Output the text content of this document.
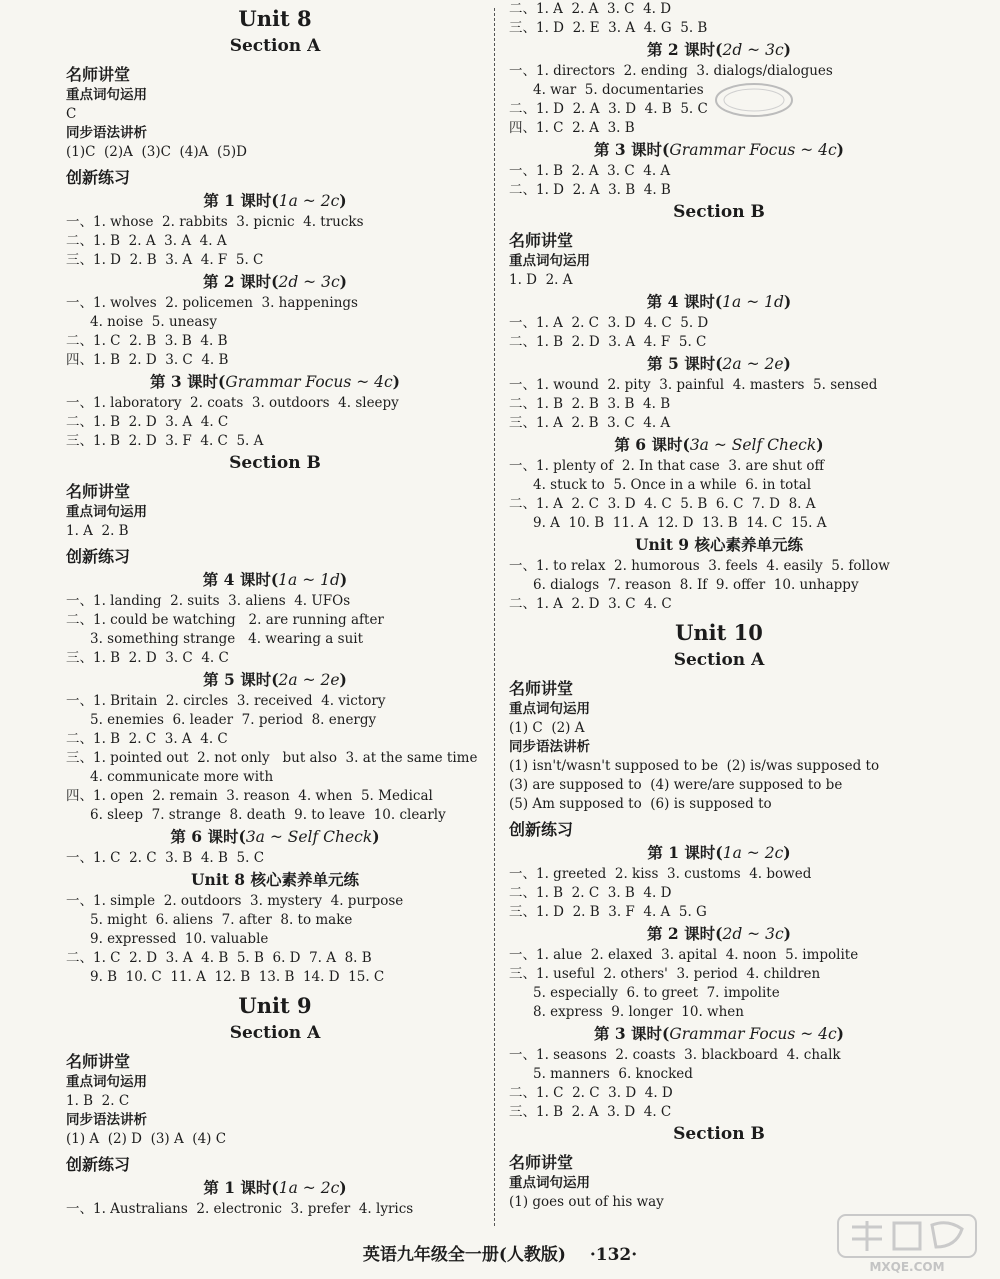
Unit 8
Section A
名师讲堂
重点词句运用
C
同步语法讲析
(1)C  (2)A  (3)C  (4)A  (5)D
创新练习
第 1 课时(1a ~ 2c)
一、1. whose  2. rabbits  3. picnic  4. trucks
二、1. B  2. A  3. A  4. A
三、1. D  2. B  3. A  4. F  5. C
第 2 课时(2d ~ 3c)
一、1. wolves  2. policemen  3. happenings
4. noise  5. uneasy
二、1. C  2. B  3. B  4. B
四、1. B  2. D  3. C  4. B
第 3 课时(Grammar Focus ~ 4c)
一、1. laboratory  2. coats  3. outdoors  4. sleepy
二、1. B  2. D  3. A  4. C
三、1. B  2. D  3. F  4. C  5. A
Section B
名师讲堂
重点词句运用
1. A  2. B
创新练习
第 4 课时(1a ~ 1d)
一、1. landing  2. suits  3. aliens  4. UFOs
二、1. could be watching   2. are running after
3. something strange   4. wearing a suit
三、1. B  2. D  3. C  4. C
第 5 课时(2a ~ 2e)
一、1. Britain  2. circles  3. received  4. victory
5. enemies  6. leader  7. period  8. energy
二、1. B  2. C  3. A  4. C
三、1. pointed out  2. not only   but also  3. at the same time
4. communicate more with
四、1. open  2. remain  3. reason  4. when  5. Medical
6. sleep  7. strange  8. death  9. to leave  10. clearly
第 6 课时(3a ~ Self Check)
一、1. C  2. C  3. B  4. B  5. C
Unit 8 核心素养单元练
一、1. simple  2. outdoors  3. mystery  4. purpose
5. might  6. aliens  7. after  8. to make
9. expressed  10. valuable
二、1. C  2. D  3. A  4. B  5. B  6. D  7. A  8. B
9. B  10. C  11. A  12. B  13. B  14. D  15. C
Unit 9
Section A
名师讲堂
重点词句运用
1. B  2. C
同步语法讲析
(1) A  (2) D  (3) A  (4) C
创新练习
第 1 课时(1a ~ 2c)
一、1. Australians  2. electronic  3. prefer  4. lyrics
二、1. A  2. A  3. C  4. D
三、1. D  2. E  3. A  4. G  5. B
第 2 课时(2d ~ 3c)
一、1. directors  2. ending  3. dialogs/dialogues
4. war  5. documentaries
二、1. D  2. A  3. D  4. B  5. C
四、1. C  2. A  3. B
第 3 课时(Grammar Focus ~ 4c)
一、1. B  2. A  3. C  4. A
二、1. D  2. A  3. B  4. B
Section B
名师讲堂
重点词句运用
1. D  2. A
第 4 课时(1a ~ 1d)
一、1. A  2. C  3. D  4. C  5. D
二、1. B  2. D  3. A  4. F  5. C
第 5 课时(2a ~ 2e)
一、1. wound  2. pity  3. painful  4. masters  5. sensed
二、1. B  2. B  3. B  4. B
三、1. A  2. B  3. C  4. A
第 6 课时(3a ~ Self Check)
一、1. plenty of  2. In that case  3. are shut off
4. stuck to  5. Once in a while  6. in total
二、1. A  2. C  3. D  4. C  5. B  6. C  7. D  8. A
9. A  10. B  11. A  12. D  13. B  14. C  15. A
Unit 9 核心素养单元练
一、1. to relax  2. humorous  3. feels  4. easily  5. follow
6. dialogs  7. reason  8. If  9. offer  10. unhappy
二、1. A  2. D  3. C  4. C
Unit 10
Section A
名师讲堂
重点词句运用
(1) C  (2) A
同步语法讲析
(1) isn't/wasn't supposed to be  (2) is/was supposed to
(3) are supposed to  (4) were/are supposed to be
(5) Am supposed to  (6) is supposed to
创新练习
第 1 课时(1a ~ 2c)
一、1. greeted  2. kiss  3. customs  4. bowed
二、1. B  2. C  3. B  4. D
三、1. D  2. B  3. F  4. A  5. G
第 2 课时(2d ~ 3c)
一、1. alue  2. elaxed  3. apital  4. noon  5. impolite
三、1. useful  2. others'  3. period  4. children
5. especially  6. to greet  7. impolite
8. express  9. longer  10. when
第 3 课时(Grammar Focus ~ 4c)
一、1. seasons  2. coasts  3. blackboard  4. chalk
5. manners  6. knocked
二、1. C  2. C  3. D  4. D
三、1. B  2. A  3. D  4. C
Section B
名师讲堂
重点词句运用
(1) goes out of his way
英语九年级全一册(人教版) ·132·
MXQE.COM
